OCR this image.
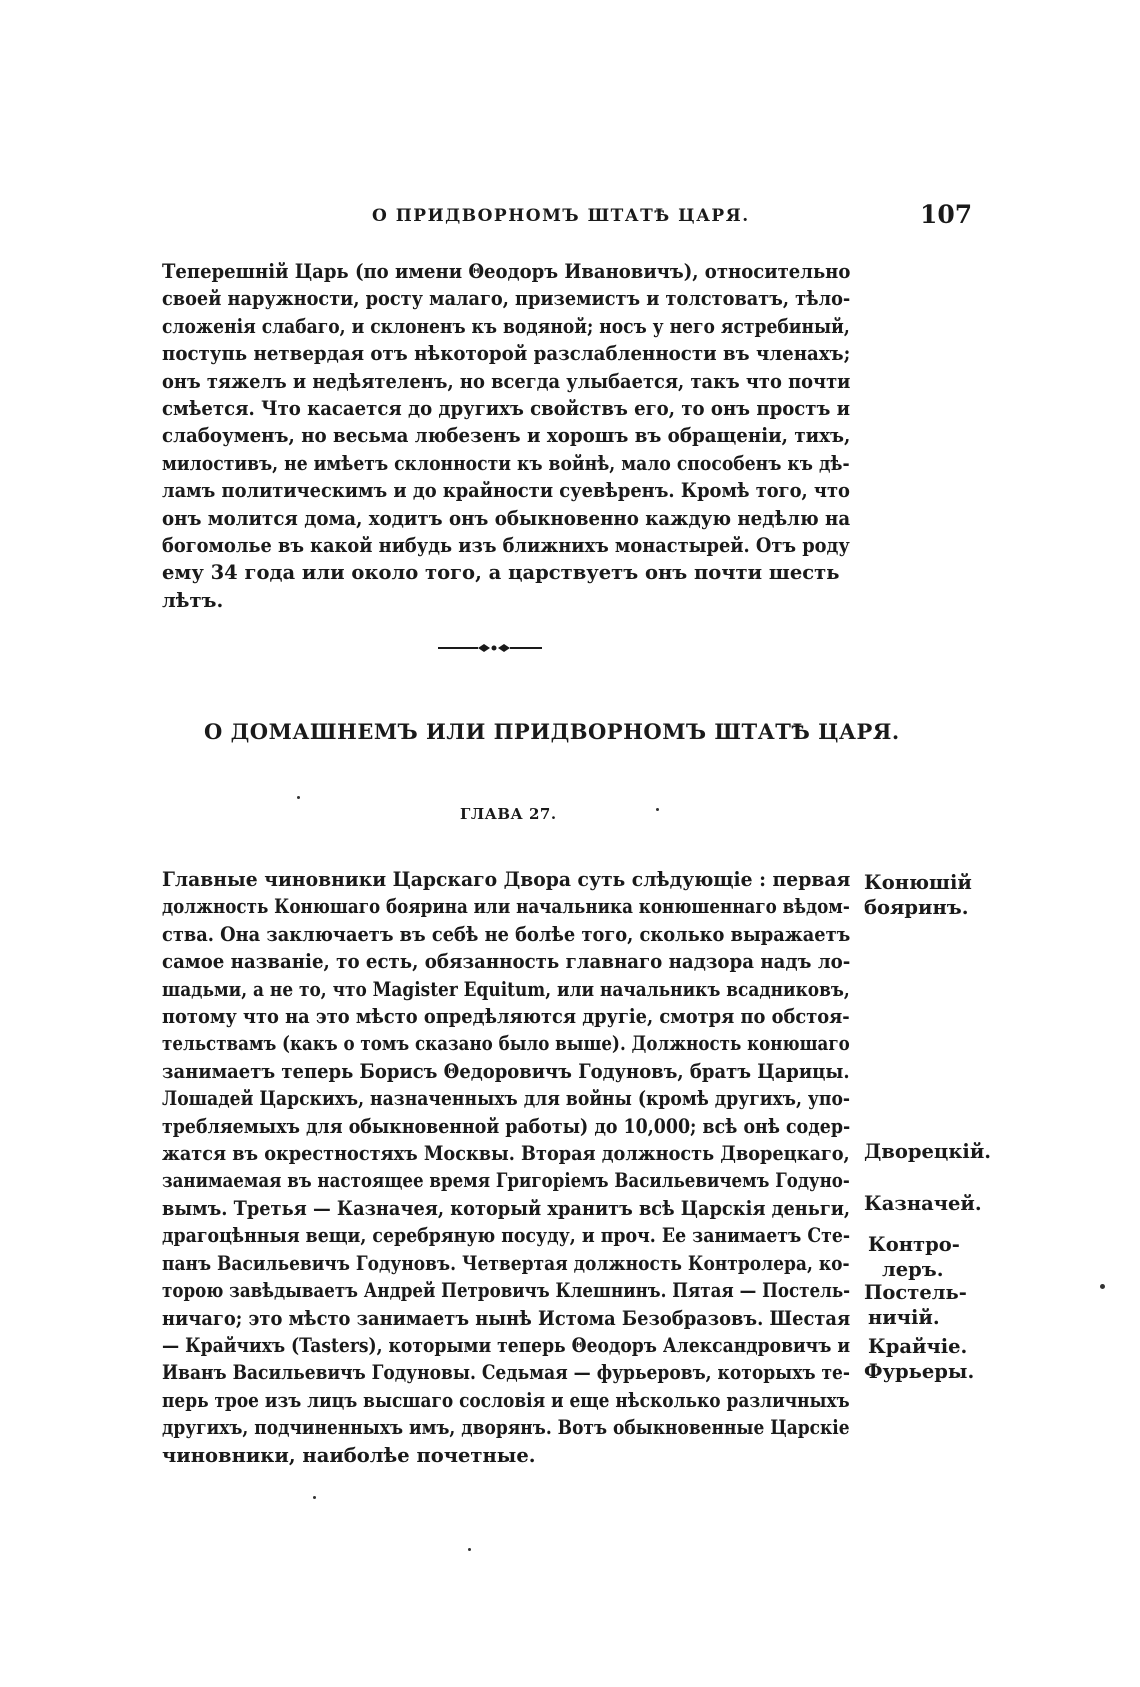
О ПРИДВОРНОМЪ ШТАТѢ ЦАРЯ.	107
Теперешній Царь (по имени Θеодоръ Ивановичъ), относительно
своей наружности, росту малаго, приземистъ и толстоватъ, тѣло-
сложенія слабаго, и склоненъ къ водяной; носъ у него ястребиный,
поступь нетвердая отъ нѣкоторой разслабленности въ членахъ;
онъ тяжелъ и недѣятеленъ, но всегда улыбается, такъ что почти
смѣется. Что касается до другихъ свойствъ его, то онъ простъ и
слабоуменъ, но весьма любезенъ и хорошъ въ обращеніи, тихъ,
милостивъ, не имѣетъ склонности къ войнѣ, мало способенъ къ дѣ-
ламъ политическимъ и до крайности суевѣренъ. Кромѣ того, что
онъ молится дома, ходитъ онъ обыкновенно каждую недѣлю на
богомолье въ какой нибудь изъ ближнихъ монастырей. Отъ роду
ему 34 года или около того, а царствуетъ онъ почти шесть
лѣтъ.
О ДОМАШНЕМЪ ИЛИ ПРИДВОРНОМЪ ШТАТѢ ЦАРЯ.
ГЛАВА 27.
Главные чиновники Царскаго Двора суть слѣдующіе : первая
должность Конюшаго боярина или начальника конюшеннаго вѣдом-
ства. Она заключаетъ въ себѣ не болѣе того, сколько выражаетъ
самое названіе, то есть, обязанность главнаго надзора надъ ло-
шадьми, а не то, что Magister Equitum, или начальникъ всадниковъ,
потому что на это мѣсто опредѣляются другіе, смотря по обстоя-
тельствамъ (какъ о томъ сказано было выше). Должность конюшаго
занимаетъ теперь Борисъ Θедоровичъ Годуновъ, братъ Царицы.
Лошадей Царскихъ, назначенныхъ для войны (кромѣ другихъ, упо-
требляемыхъ для обыкновенной работы) до 10,000; всѣ онѣ содер-
жатся въ окрестностяхъ Москвы. Вторая должность Дворецкаго,
занимаемая въ настоящее время Григоріемъ Васильевичемъ Годуно-
вымъ. Третья — Казначея, который хранитъ всѣ Царскія деньги,
драгоцѣнныя вещи, серебряную посуду, и проч. Ее занимаетъ Сте-
панъ Васильевичъ Годуновъ. Четвертая должность Контролера, ко-
торою завѣдываетъ Андрей Петровичъ Клешнинъ. Пятая — Постель-
ничаго; это мѣсто занимаетъ нынѣ Истома Безобразовъ. Шестая
— Крайчихъ (Tasters), которыми теперь Θеодоръ Александровичъ и
Иванъ Васильевичъ Годуновы. Седьмая — фурьеровъ, которыхъ те-
перь трое изъ лицъ высшаго сословія и еще нѣсколько различныхъ
другихъ, подчиненныхъ имъ, дворянъ. Вотъ обыкновенные Царскіе
чиновники, наиболѣе почетные.
Конюшій
бояринъ.
Дворецкій.
Казначей.
Контро-
леръ.
Постель-
ничій.
Крайчіе.
Фурьеры.
